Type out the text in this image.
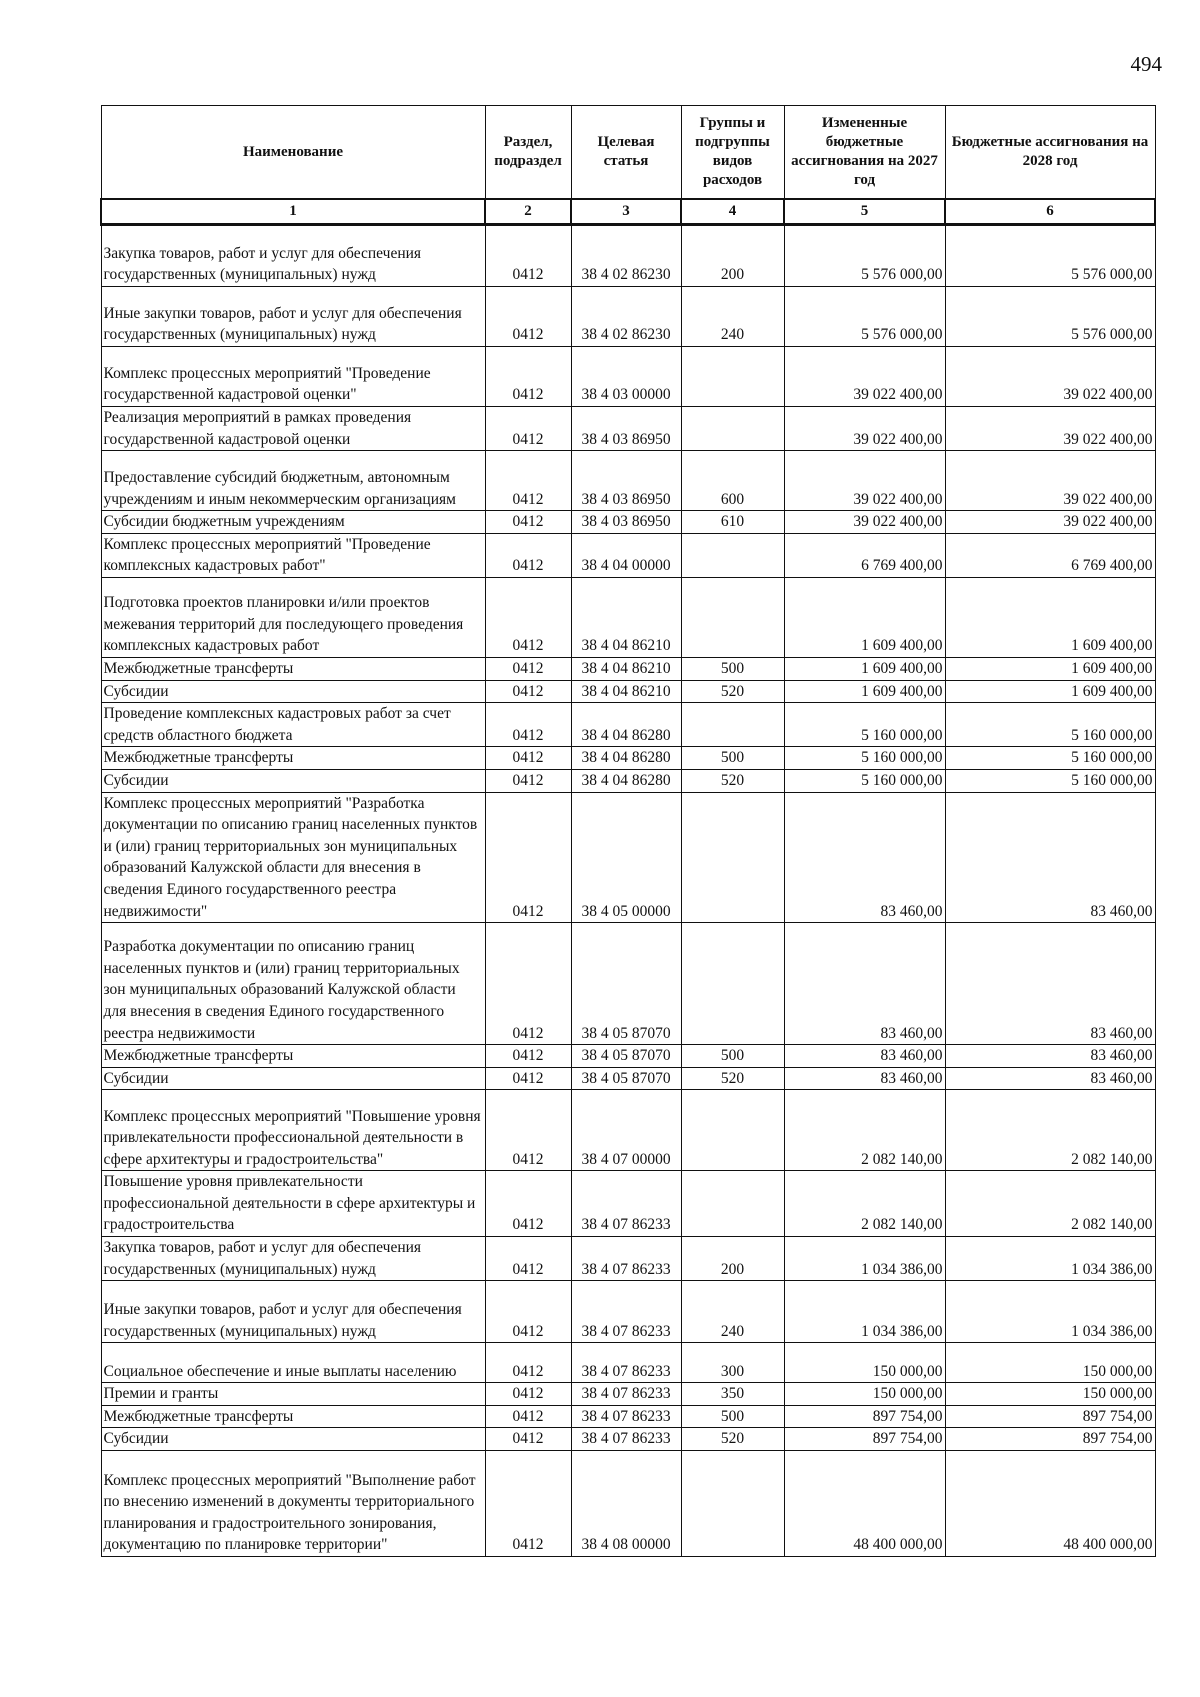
494
Наименование	Раздел, подраздел	Целевая статья	Группы и подгруппы видов расходов	Измененные бюджетные ассигнования на 2027 год	Бюджетные ассигнования на 2028 год
1	2	3	4	5	6
Закупка товаров, работ и услуг для обеспечения государственных (муниципальных) нужд	0412	38 4 02 86230	200	5 576 000,00	5 576 000,00
Иные закупки товаров, работ и услуг для обеспечения государственных (муниципальных) нужд	0412	38 4 02 86230	240	5 576 000,00	5 576 000,00
Комплекс процессных мероприятий "Проведение государственной кадастровой оценки"	0412	38 4 03 00000		39 022 400,00	39 022 400,00
Реализация мероприятий в рамках проведения государственной кадастровой оценки	0412	38 4 03 86950		39 022 400,00	39 022 400,00
Предоставление субсидий бюджетным, автономным учреждениям и иным некоммерческим организациям	0412	38 4 03 86950	600	39 022 400,00	39 022 400,00
Субсидии бюджетным учреждениям	0412	38 4 03 86950	610	39 022 400,00	39 022 400,00
Комплекс процессных мероприятий "Проведение комплексных кадастровых работ"	0412	38 4 04 00000		6 769 400,00	6 769 400,00
Подготовка проектов планировки и/или проектов межевания территорий для последующего проведения комплексных кадастровых работ	0412	38 4 04 86210		1 609 400,00	1 609 400,00
Межбюджетные трансферты	0412	38 4 04 86210	500	1 609 400,00	1 609 400,00
Субсидии	0412	38 4 04 86210	520	1 609 400,00	1 609 400,00
Проведение комплексных кадастровых работ за счет средств областного бюджета	0412	38 4 04 86280		5 160 000,00	5 160 000,00
Межбюджетные трансферты	0412	38 4 04 86280	500	5 160 000,00	5 160 000,00
Субсидии	0412	38 4 04 86280	520	5 160 000,00	5 160 000,00
Комплекс процессных мероприятий "Разработка документации по описанию границ населенных пунктов и (или) границ территориальных зон муниципальных образований Калужской области для внесения в сведения Единого государственного реестра недвижимости"	0412	38 4 05 00000		83 460,00	83 460,00
Разработка документации по описанию границ населенных пунктов и (или) границ территориальных зон муниципальных образований Калужской области для внесения в сведения Единого государственного реестра недвижимости	0412	38 4 05 87070		83 460,00	83 460,00
Межбюджетные трансферты	0412	38 4 05 87070	500	83 460,00	83 460,00
Субсидии	0412	38 4 05 87070	520	83 460,00	83 460,00
Комплекс процессных мероприятий "Повышение уровня привлекательности профессиональной деятельности в сфере архитектуры и градостроительства"	0412	38 4 07 00000		2 082 140,00	2 082 140,00
Повышение уровня привлекательности профессиональной деятельности в сфере архитектуры и градостроительства	0412	38 4 07 86233		2 082 140,00	2 082 140,00
Закупка товаров, работ и услуг для обеспечения государственных (муниципальных) нужд	0412	38 4 07 86233	200	1 034 386,00	1 034 386,00
Иные закупки товаров, работ и услуг для обеспечения государственных (муниципальных) нужд	0412	38 4 07 86233	240	1 034 386,00	1 034 386,00
Социальное обеспечение и иные выплаты населению	0412	38 4 07 86233	300	150 000,00	150 000,00
Премии и гранты	0412	38 4 07 86233	350	150 000,00	150 000,00
Межбюджетные трансферты	0412	38 4 07 86233	500	897 754,00	897 754,00
Субсидии	0412	38 4 07 86233	520	897 754,00	897 754,00
Комплекс процессных мероприятий "Выполнение работ по внесению изменений в документы территориального планирования и градостроительного зонирования, документацию по планировке территории"	0412	38 4 08 00000		48 400 000,00	48 400 000,00
